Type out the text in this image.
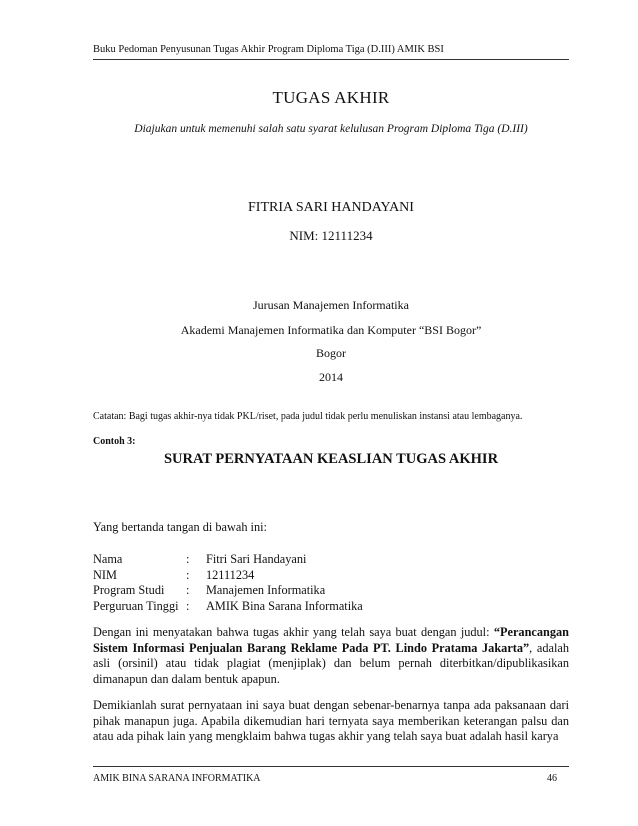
Buku Pedoman Penyusunan Tugas Akhir Program Diploma Tiga (D.III) AMIK BSI
TUGAS AKHIR
Diajukan untuk memenuhi salah satu syarat kelulusan Program Diploma Tiga (D.III)
FITRIA SARI HANDAYANI
NIM: 12111234
Jurusan Manajemen Informatika
Akademi Manajemen Informatika dan Komputer “BSI Bogor”
Bogor
2014
Catatan: Bagi tugas akhir-nya tidak PKL/riset, pada judul tidak perlu menuliskan instansi atau lembaganya.
Contoh 3:
SURAT PERNYATAAN KEASLIAN TUGAS AKHIR
Yang bertanda tangan di bawah ini:
Nama	:	Fitri Sari Handayani
NIM	:	12111234
Program Studi	:	Manajemen Informatika
Perguruan Tinggi :	AMIK Bina Sarana Informatika
Dengan ini menyatakan bahwa tugas akhir yang telah saya buat dengan judul: “Perancangan Sistem Informasi Penjualan Barang Reklame Pada PT. Lindo Pratama Jakarta”, adalah asli (orsinil) atau tidak plagiat (menjiplak) dan belum pernah diterbitkan/dipublikasikan dimanapun dan dalam bentuk apapun.
Demikianlah surat pernyataan ini saya buat dengan sebenar-benarnya tanpa ada paksanaan dari pihak manapun juga. Apabila dikemudian hari ternyata saya memberikan keterangan palsu dan atau ada pihak lain yang mengklaim bahwa tugas akhir yang telah saya buat adalah hasil karya
AMIK BINA SARANA INFORMATIKA	46
